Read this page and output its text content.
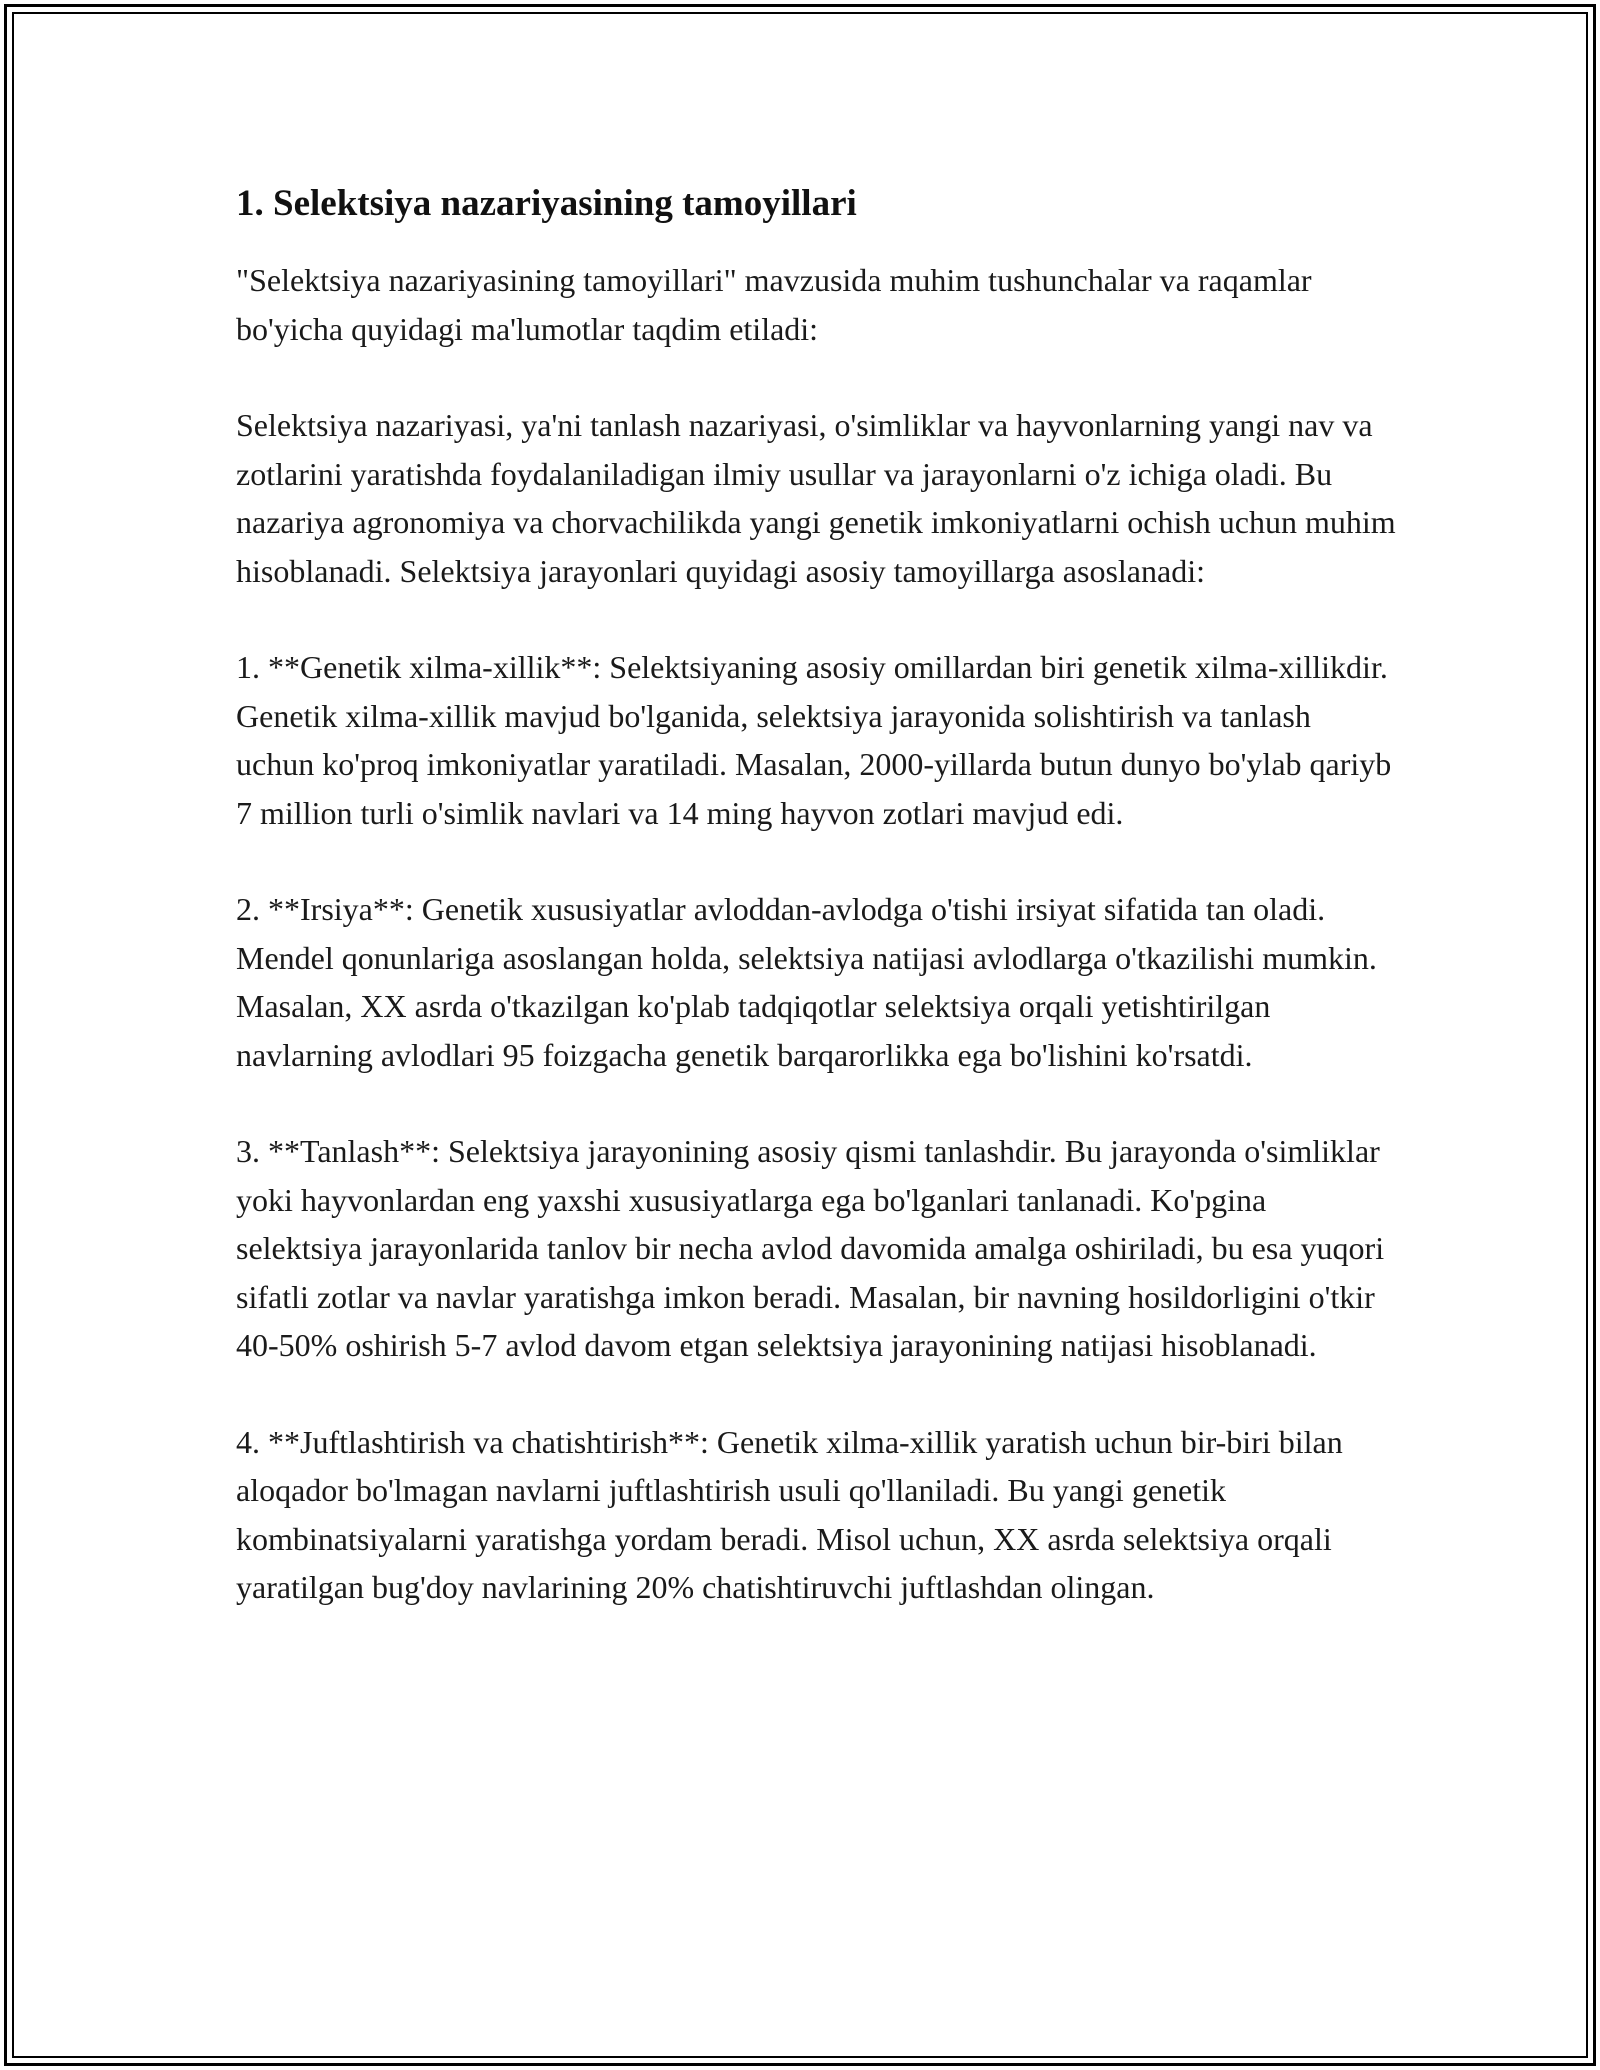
1. Selektsiya nazariyasining tamoyillari

"Selektsiya nazariyasining tamoyillari" mavzusida muhim tushunchalar va raqamlar bo'yicha quyidagi ma'lumotlar taqdim etiladi:

Selektsiya nazariyasi, ya'ni tanlash nazariyasi, o'simliklar va hayvonlarning yangi nav va zotlarini yaratishda foydalaniladigan ilmiy usullar va jarayonlarni o'z ichiga oladi. Bu nazariya agronomiya va chorvachilikda yangi genetik imkoniyatlarni ochish uchun muhim hisoblanadi. Selektsiya jarayonlari quyidagi asosiy tamoyillarga asoslanadi:

1. **Genetik xilma-xillik**: Selektsiyaning asosiy omillardan biri genetik xilma-xillikdir. Genetik xilma-xillik mavjud bo'lganida, selektsiya jarayonida solishtirish va tanlash uchun ko'proq imkoniyatlar yaratiladi. Masalan, 2000-yillarda butun dunyo bo'ylab qariyb 7 million turli o'simlik navlari va 14 ming hayvon zotlari mavjud edi.

2. **Irsiya**: Genetik xususiyatlar avloddan-avlodga o'tishi irsiyat sifatida tan oladi.  Mendel qonunlariga asoslangan holda, selektsiya natijasi avlodlarga o'tkazilishi mumkin. Masalan, XX asrda o'tkazilgan ko'plab tadqiqotlar selektsiya orqali yetishtirilgan navlarning avlodlari 95 foizgacha genetik barqarorlikka ega bo'lishini ko'rsatdi.

3. **Tanlash**: Selektsiya jarayonining asosiy qismi tanlashdir. Bu jarayonda o'simliklar yoki hayvonlardan eng yaxshi xususiyatlarga ega bo'lganlari tanlanadi. Ko'pgina selektsiya jarayonlarida tanlov bir necha avlod davomida amalga oshiriladi, bu esa yuqori sifatli zotlar va navlar yaratishga imkon beradi. Masalan, bir navning hosildorligini o'tkir 40-50% oshirish 5-7 avlod davom etgan selektsiya jarayonining natijasi hisoblanadi.

4. **Juftlashtirish va chatishtirish**: Genetik xilma-xillik yaratish uchun bir-biri bilan aloqador bo'lmagan navlarni juftlashtirish usuli qo'llaniladi. Bu yangi genetik kombinatsiyalarni yaratishga yordam beradi. Misol uchun, XX asrda selektsiya orqali yaratilgan bug'doy navlarining 20% chatishtiruvchi juftlashdan olingan.
